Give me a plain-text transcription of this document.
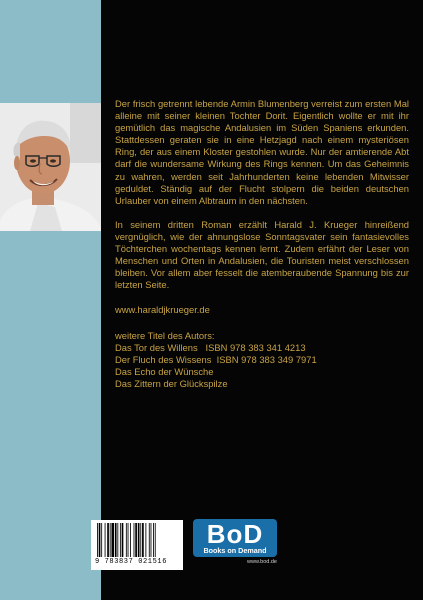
Der frisch getrennt lebende Armin Blumenberg verreist zum ersten Mal alleine mit seiner kleinen Tochter Dorit. Eigentlich wollte er mit ihr gemütlich das magische Andalusien im Süden Spaniens erkunden. Stattdessen geraten sie in eine Hetzjagd nach einem mysteriösen Ring, der aus einem Kloster gestohlen wurde. Nur der amtierende Abt darf die wundersame Wirkung des Rings kennen. Um das Geheimnis zu wahren, werden seit Jahrhunderten keine lebenden Mitwisser geduldet. Ständig auf der Flucht stolpern die beiden deutschen Urlauber von einem Albtraum in den nächsten.

In seinem dritten Roman erzählt Harald J. Krueger hinreißend vergnüglich, wie der ahnungslose Sonntagsvater sein fantasievolles Töchterchen wochentags kennen lernt. Zudem erfährt der Leser von Menschen und Orten in Andalusien, die Touristen meist verschlossen bleiben. Vor allem aber fesselt die atemberaubende Spannung bis zur letzten Seite.

www.haraldjkrueger.de
weitere Titel des Autors:
Das Tor des Willens   ISBN 978 383 341 4213
Der Fluch des Wissens  ISBN 978 383 349 7971
Das Echo der Wünsche
Das Zittern der Glückspilze
9 783837 021516
BoD
Books on Demand
www.bod.de
